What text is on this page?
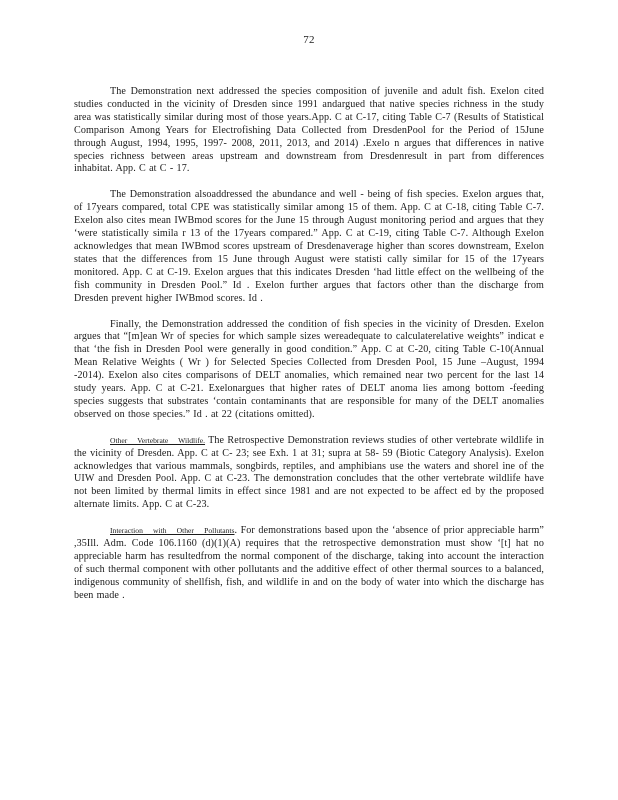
72

The Demonstration next addressed the species composition of juvenile and adult fish. Exelon cited studies conducted in the vicinity of Dresden since 1991 andargued that native species richness in the study area was statistically similar during most of those years.App. C at C-17, citing Table C-7 (Results of Statistical Comparison Among Years for Electrofishing Data Collected from DresdenPool for the Period of 15June through August, 1994, 1995, 1997- 2008, 2011, 2013, and 2014) .Exelo n argues that differences in native species richness between areas upstream and downstream from Dresdenresult in part from differences inhabitat. App. C at C - 17.

The Demonstration alsoaddressed the abundance and well - being of fish species. Exelon argues that, of 17years compared, total CPE was statistically similar among 15 of them. App. C at C-18, citing Table C-7. Exelon also cites mean IWBmod scores for the June 15 through August monitoring period and argues that they ‘were statistically simila r 13 of the 17years compared.” App. C at C-19, citing Table C-7. Although Exelon acknowledges that mean IWBmod scores upstream of Dresdenaverage higher than scores downstream, Exelon states that the differences from 15 June through August were statisti cally similar for 15 of the 17years monitored. App. C at C-19. Exelon argues that this indicates Dresden ‘had little effect on the wellbeing of the fish community in Dresden Pool.” Id . Exelon further argues that factors other than the discharge from Dresden prevent higher IWBmod scores. Id .

Finally, the Demonstration addressed the condition of fish species in the vicinity of Dresden. Exelon argues that “[m]ean Wr of species for which sample sizes wereadequate to calculaterelative weights” indicat e that ‘the fish in Dresden Pool were generally in good condition.” App. C at C-20, citing Table C-10(Annual Mean Relative Weights ( Wr ) for Selected Species Collected from Dresden Pool, 15 June –August, 1994 -2014). Exelon also cites comparisons of DELT anomalies, which remained near two percent for the last 14 study years. App. C at C-21. Exelonargues that higher rates of DELT anoma lies among bottom -feeding species suggests that substrates ‘contain contaminants that are responsible for many of the DELT anomalies observed on those species.” Id . at 22 (citations omitted).

Other Vertebrate Wildlife. The Retrospective Demonstration reviews studies of other vertebrate wildlife in the vicinity of Dresden. App. C at C- 23; see Exh. 1 at 31; supra at 58- 59 (Biotic Category Analysis). Exelon acknowledges that various mammals, songbirds, reptiles, and amphibians use the waters and shorel ine of the UIW and Dresden Pool. App. C at C-23. The demonstration concludes that the other vertebrate wildlife have not been limited by thermal limits in effect since 1981 and are not expected to be affect ed by the proposed alternate limits. App. C at C-23.

Interaction with Other Pollutants. For demonstrations based upon the ‘absence of prior appreciable harm” ,35Ill. Adm. Code 106.1160 (d)(1)(A) requires that the retrospective demonstration must show ‘[t] hat no appreciable harm has resultedfrom the normal component of the discharge, taking into account the interaction of such thermal component with other pollutants and the additive effect of other thermal sources to a balanced, indigenous community of shellfish, fish, and wildlife in and on the body of water into which the discharge has been made .
